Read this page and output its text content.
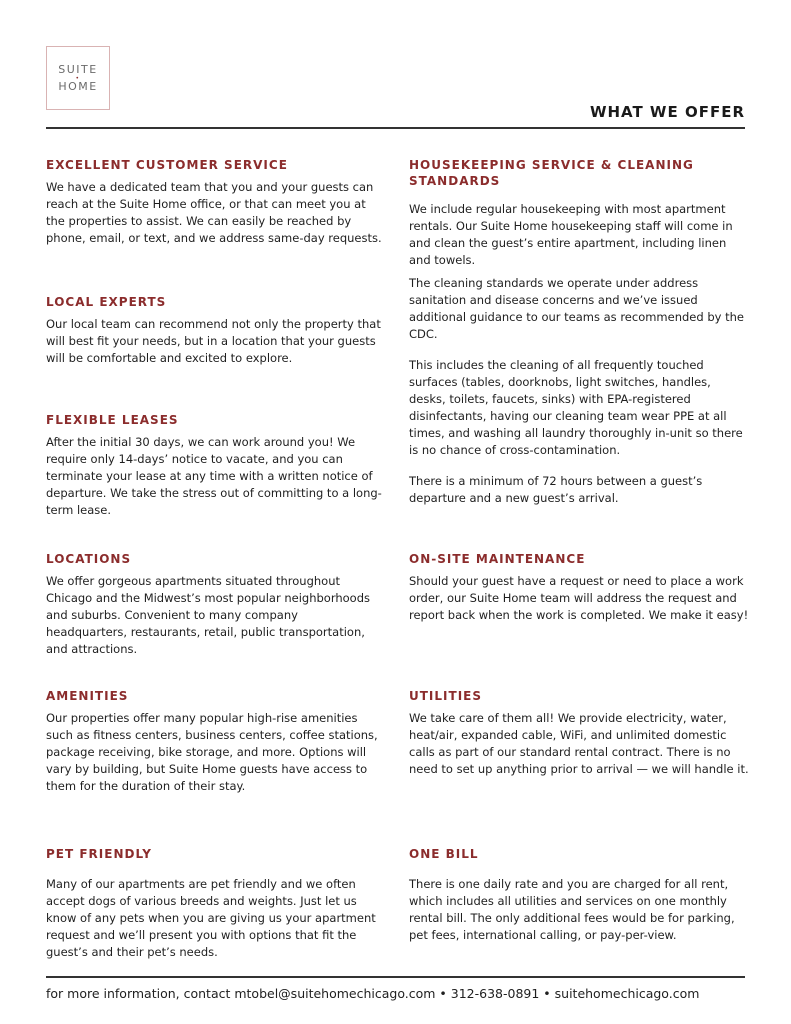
SUITE
•
HOME
WHAT WE OFFER
EXCELLENT CUSTOMER SERVICE

We have a dedicated team that you and your guests can reach at the Suite Home office, or that can meet you at the properties to assist. We can easily be reached by phone, email, or text, and we address same-day requests.

LOCAL EXPERTS

Our local team can recommend not only the property that will best fit your needs, but in a location that your guests will be comfortable and excited to explore.

FLEXIBLE LEASES

After the initial 30 days, we can work around you! We require only 14-days’ notice to vacate, and you can terminate your lease at any time with a written notice of departure. We take the stress out of committing to a long-term lease.

LOCATIONS

We offer gorgeous apartments situated throughout Chicago and the Midwest’s most popular neighborhoods and suburbs. Convenient to many company headquarters, restaurants, retail, public transportation, and attractions.

AMENITIES

Our properties offer many popular high-rise amenities such as fitness centers, business centers, coffee stations, package receiving, bike storage, and more. Options will vary by building, but Suite Home guests have access to them for the duration of their stay.

PET FRIENDLY

Many of our apartments are pet friendly and we often accept dogs of various breeds and weights. Just let us know of any pets when you are giving us your apartment request and we’ll present you with options that fit the guest’s and their pet’s needs.

HOUSEKEEPING SERVICE & CLEANING STANDARDS

We include regular housekeeping with most apartment rentals. Our Suite Home housekeeping staff will come in and clean the guest’s entire apartment, including linen and towels.

The cleaning standards we operate under address sanitation and disease concerns and we’ve issued additional guidance to our teams as recommended by the CDC.

This includes the cleaning of all frequently touched surfaces (tables, doorknobs, light switches, handles, desks, toilets, faucets, sinks) with EPA-registered disinfectants, having our cleaning team wear PPE at all times, and washing all laundry thoroughly in-unit so there is no chance of cross-contamination.

There is a minimum of 72 hours between a guest’s departure and a new guest’s arrival.

ON-SITE MAINTENANCE

Should your guest have a request or need to place a work order, our Suite Home team will address the request and report back when the work is completed. We make it easy!

UTILITIES

We take care of them all! We provide electricity, water, heat/air, expanded cable, WiFi, and unlimited domestic calls as part of our standard rental contract. There is no need to set up anything prior to arrival — we will handle it.

ONE BILL

There is one daily rate and you are charged for all rent, which includes all utilities and services on one monthly rental bill. The only additional fees would be for parking, pet fees, international calling, or pay-per-view.

for more information, contact mtobel@suitehomechicago.com • 312-638-0891 • suitehomechicago.com
